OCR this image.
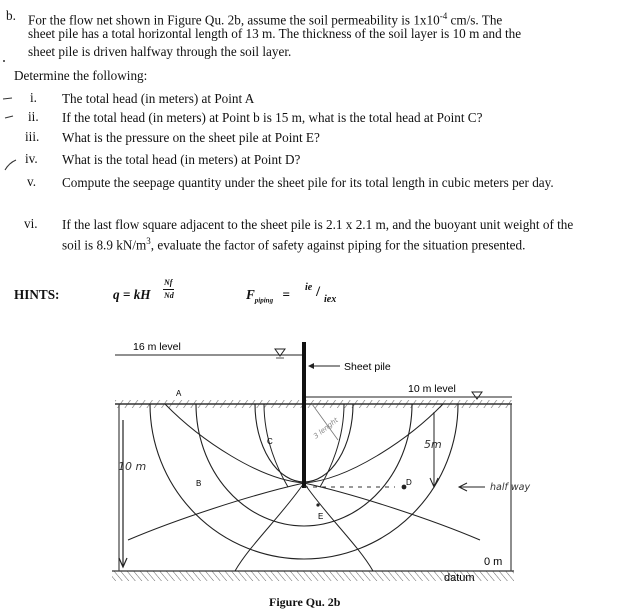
b. For the flow net shown in Figure Qu. 2b, assume the soil permeability is $1x10^{-4}$ cm/s. The
sheet pile has a total horizontal length of 13 m. The thickness of the soil layer is 10 m and the
sheet pile is driven halfway through the soil layer.
Determine the following:
i. The total head (in meters) at Point A
ii. If the total head (in meters) at Point b is 15 m, what is the total head at Point C?
iii. What is the pressure on the sheet pile at Point E?
iv. What is the total head (in meters) at Point D?
v. Compute the seepage quantity under the sheet pile for its total length in cubic meters per day.
vi. If the last flow square adjacent to the sheet pile is 2.1 x 2.1 m, and the buoyant unit weight of the soil is 8.9 $kN/m^3$, evaluate the factor of safety against piping for the situation presented.
HINTS:	q = kH
Nf
Nd	$F_{piping}$ = ie / iex
16 m level
10 m level
Sheet pile
A
B
C
D
E
0 m
datum
10 m
5m
half way
3 lenght
Figure Qu. 2b
